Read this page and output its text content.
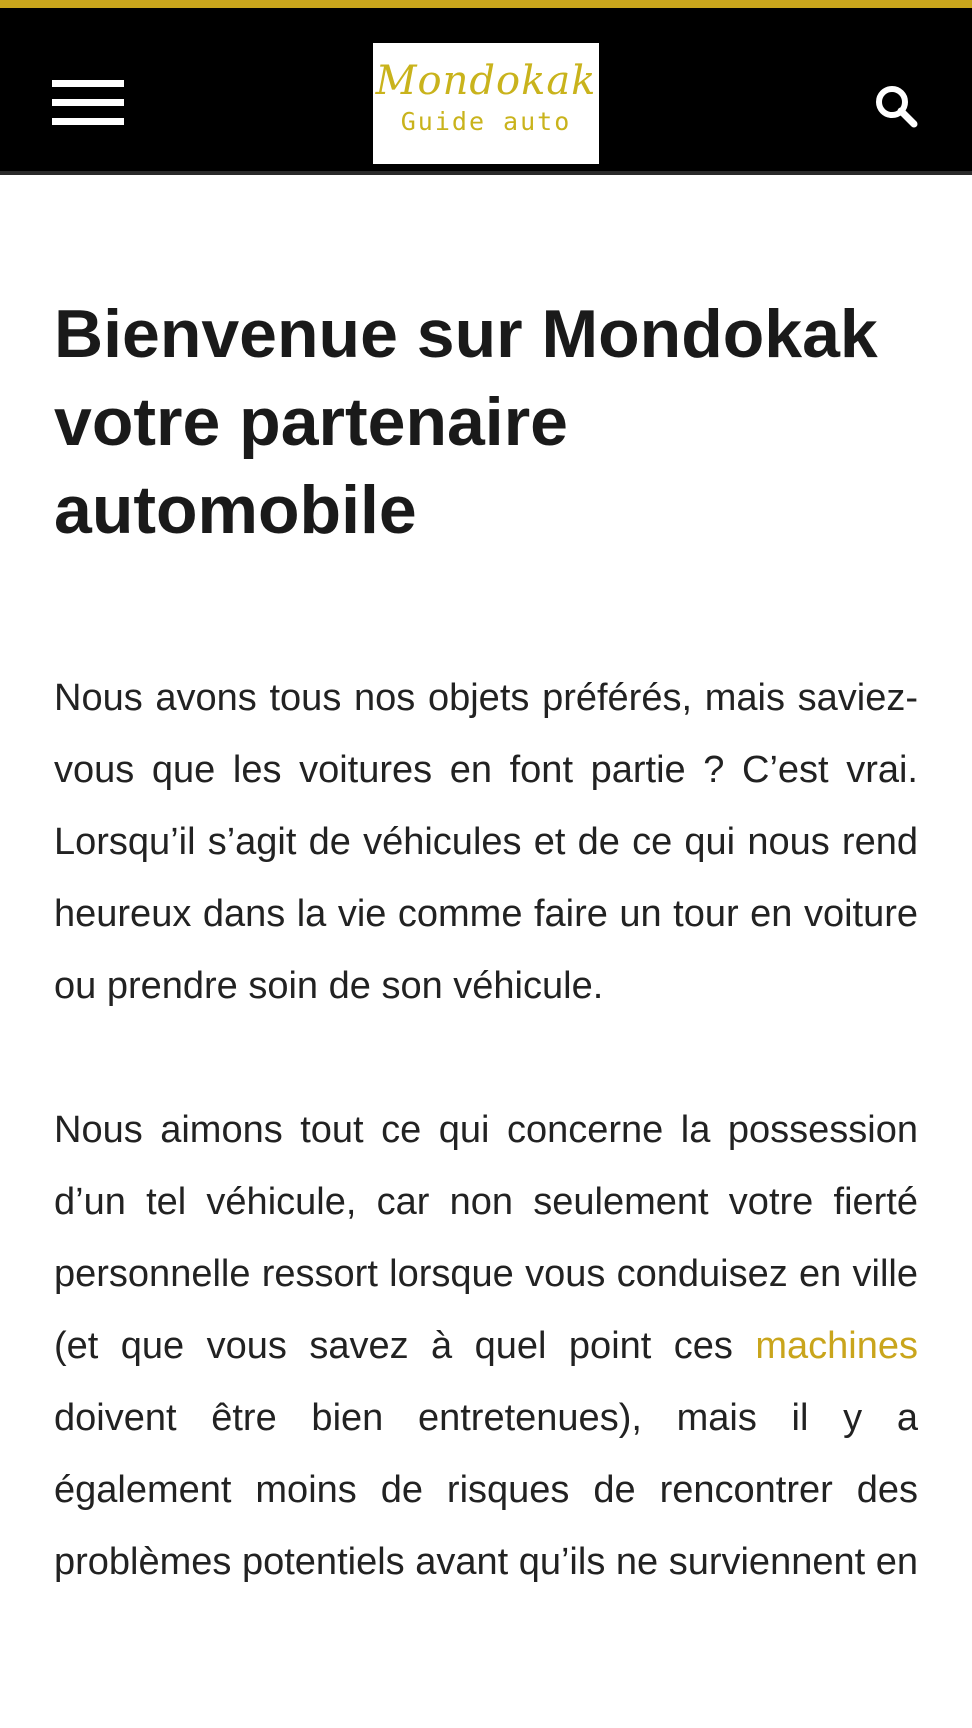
Mondokak
Guide auto
Bienvenue sur Mondokak votre partenaire automobile

Nous avons tous nos objets préférés, mais saviez-vous que les voitures en font partie ? C’est vrai. Lorsqu’il s’agit de véhicules et de ce qui nous rend heureux dans la vie comme faire un tour en voiture ou prendre soin de son véhicule.

Nous aimons tout ce qui concerne la possession d’un tel véhicule, car non seulement votre fierté personnelle ressort lorsque vous conduisez en ville (et que vous savez à quel point ces machines doivent être bien entretenues), mais il y a également moins de risques de rencontrer des problèmes potentiels avant qu’ils ne surviennent en
